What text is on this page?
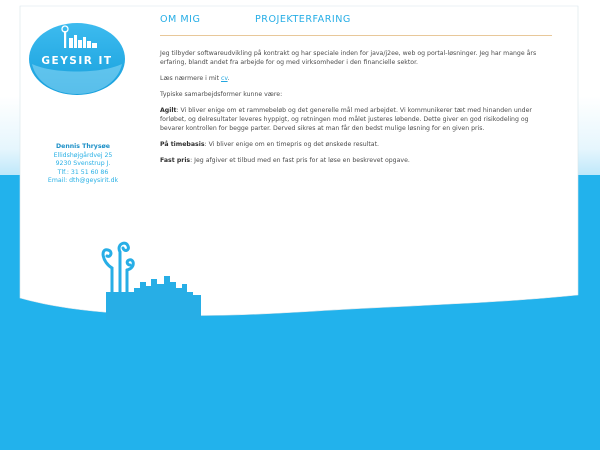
GEYSIR IT
Dennis Thrysøe
Ellidshøjgårdvej 25
9230 Svenstrup J.
Tlf.: 31 51 60 86
Email: dth@geysirit.dk
OM MIG	PROJEKTERFARING

Jeg tilbyder softwareudvikling på kontrakt og har speciale inden for java/j2ee, web og portal-løsninger. Jeg har mange års erfaring, blandt andet fra arbejde for og med virksomheder i den financielle sektor.

Læs nærmere i mit cv.

Typiske samarbejdsformer kunne være:

Agilt: Vi bliver enige om et rammebeløb og det generelle mål med arbejdet. Vi kommunikerer tæt med hinanden under forløbet, og delresultater leveres hyppigt, og retningen mod målet justeres løbende. Dette giver en god risikodeling og bevarer kontrollen for begge parter. Derved sikres at man får den bedst mulige løsning for en given pris.

På timebasis: Vi bliver enige om en timepris og det ønskede resultat.

Fast pris: Jeg afgiver et tilbud med en fast pris for at løse en beskrevet opgave.
